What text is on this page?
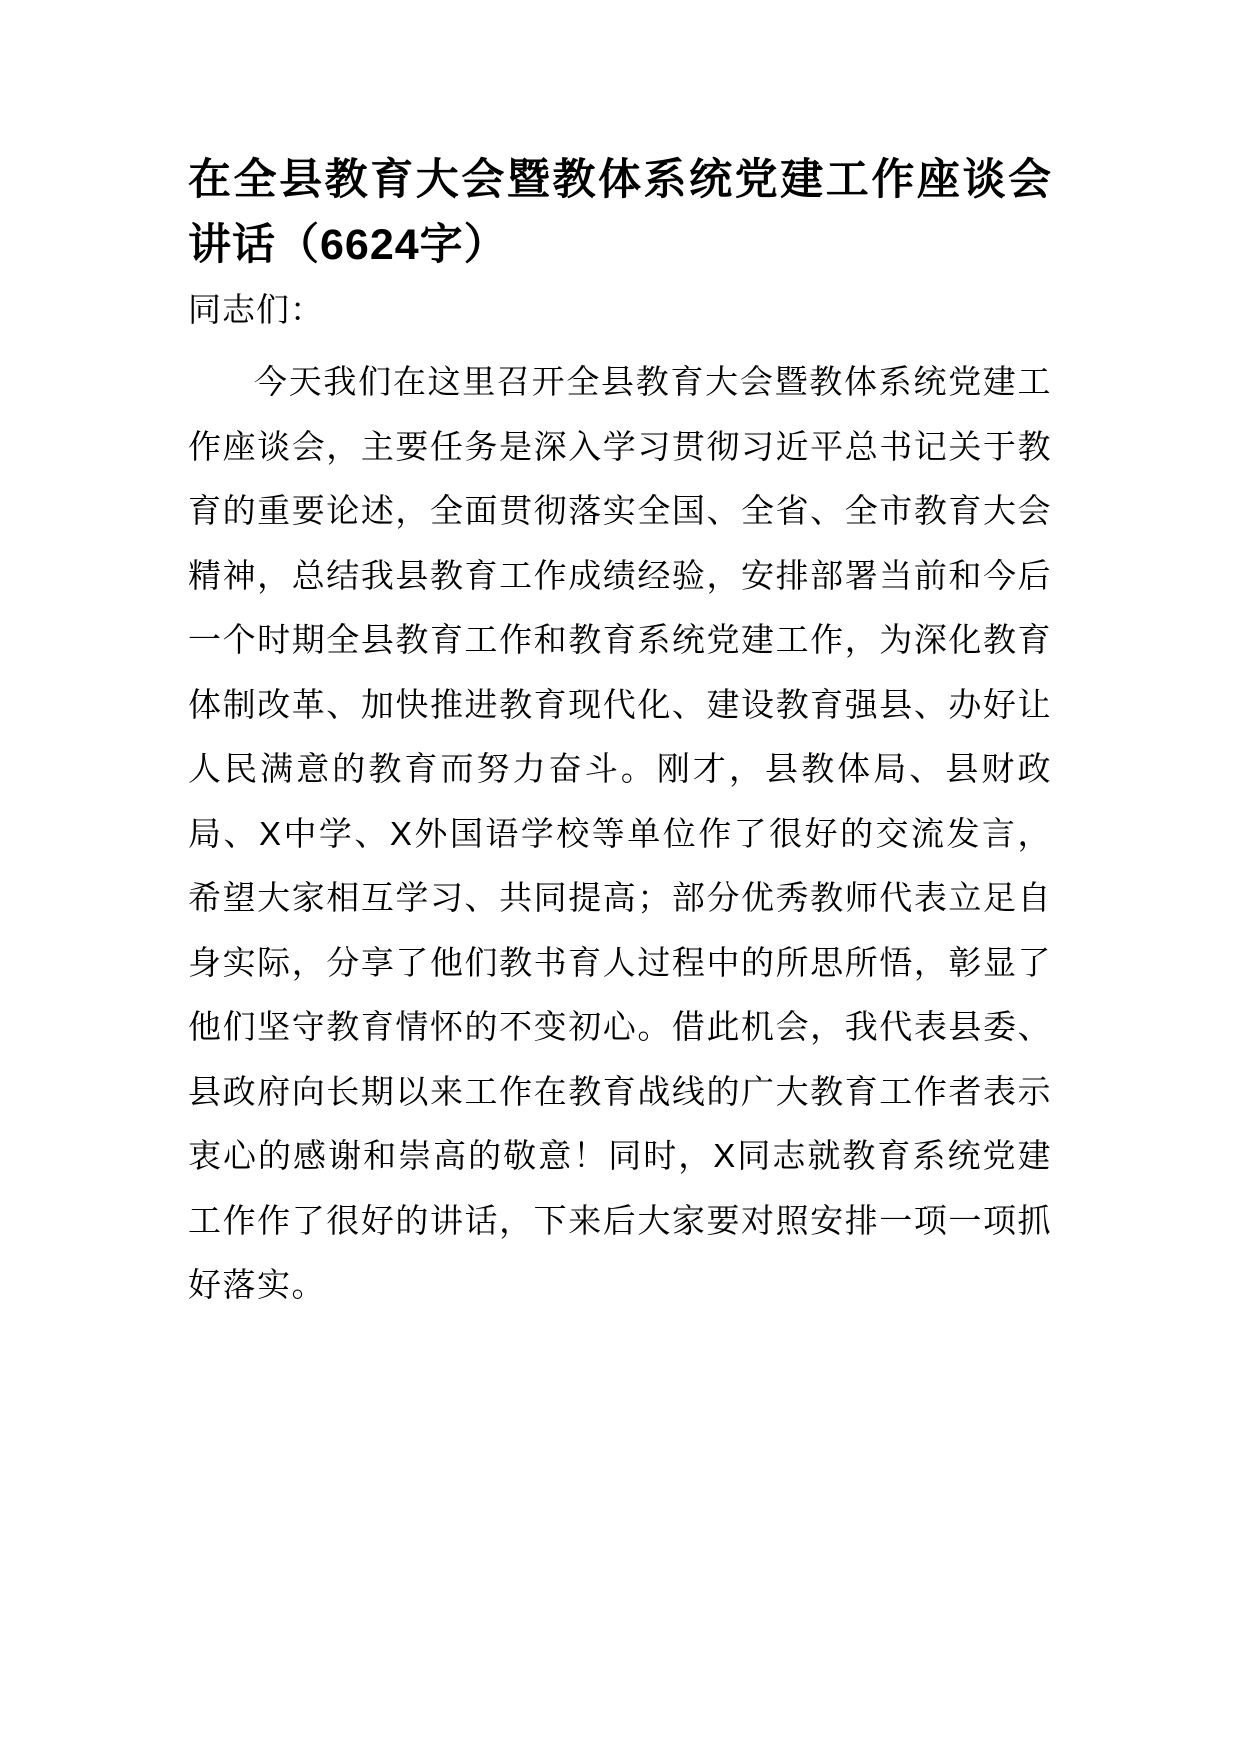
在全县教育大会暨教体系统党建工作座谈会讲话（6624字）

同志们：

今天我们在这里召开全县教育大会暨教体系统党建工作座谈会，主要任务是深入学习贯彻习近平总书记关于教育的重要论述，全面贯彻落实全国、全省、全市教育大会精神，总结我县教育工作成绩经验，安排部署当前和今后一个时期全县教育工作和教育系统党建工作，为深化教育体制改革、加快推进教育现代化、建设教育强县、办好让人民满意的教育而努力奋斗。刚才，县教体局、县财政局、X中学、X外国语学校等单位作了很好的交流发言，希望大家相互学习、共同提高；部分优秀教师代表立足自身实际，分享了他们教书育人过程中的所思所悟，彰显了他们坚守教育情怀的不变初心。借此机会，我代表县委、县政府向长期以来工作在教育战线的广大教育工作者表示衷心的感谢和崇高的敬意！同时，X同志就教育系统党建工作作了很好的讲话，下来后大家要对照安排一项一项抓好落实。
